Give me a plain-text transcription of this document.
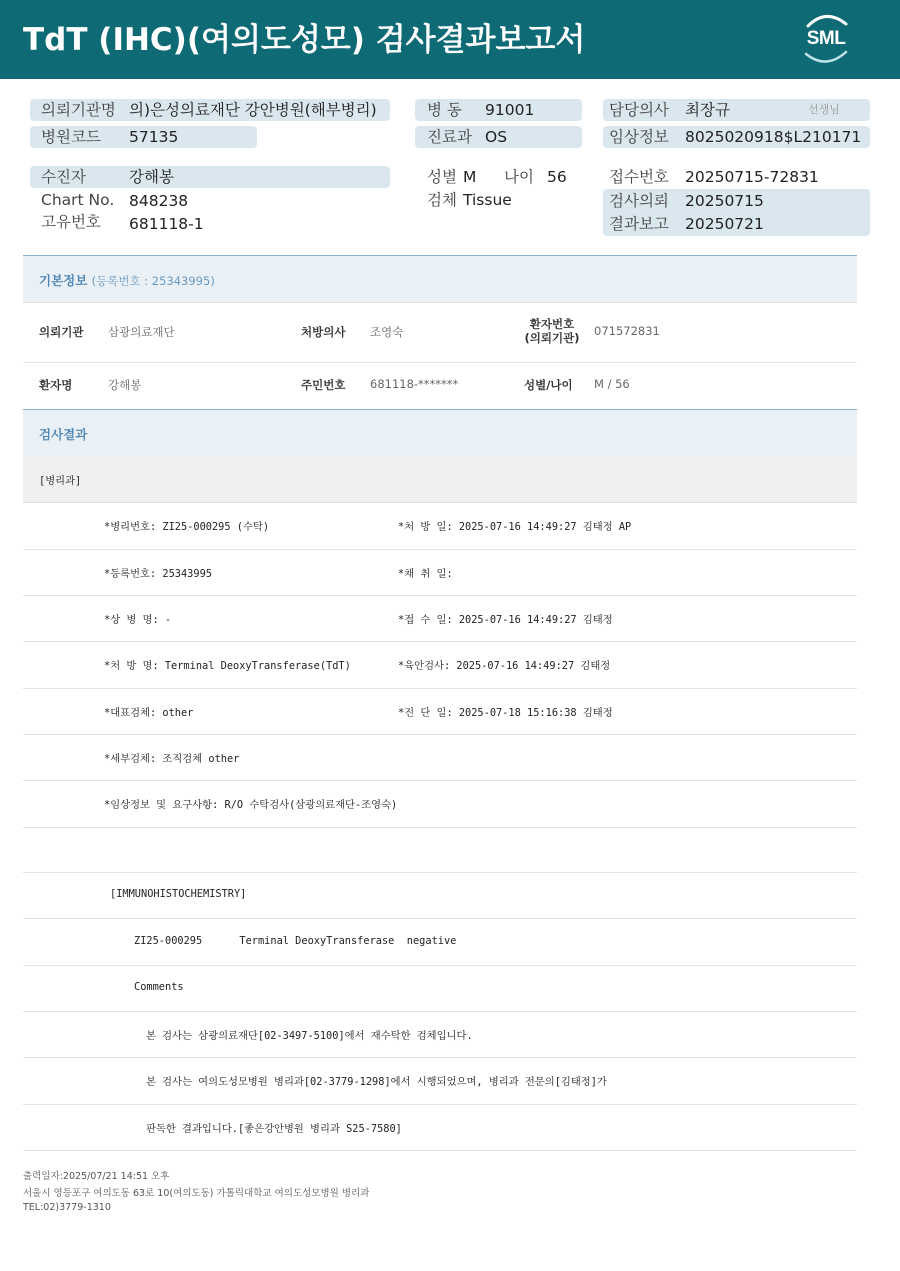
TdT (IHC)(여의도성모) 검사결과보고서	SML
의뢰기관명 의)은성의료재단 강안병원(해부병리)
병원코드 57135
병 동 91001
진료과 OS
담당의사 최장규	선생님
임상정보 8025020918$L210171
수진자	강해봉
Chart No. 848238
고유번호 681118-1
성별 M 나이 56
검체 Tissue
접수번호 20250715-72831
검사의뢰 20250715
결과보고 20250721
기본정보 (등록번호 : 25343995)
의뢰기관 삼광의료재단	처방의사 조영숙
환자번호
(의뢰기관) 071572831
환자명	강해봉	주민번호 681118-*******	성별/나이 M / 56
검사결과
[병리과]
*병리번호: ZI25-000295 (수탁)	*처 방 일: 2025-07-16 14:49:27 김태정 AP
*등록번호: 25343995	*채 취 일:
*상 병 명: -	*접 수 일: 2025-07-16 14:49:27 김태정
*처 방 명: Terminal DeoxyTransferase(TdT)	*육안검사: 2025-07-16 14:49:27 김태정
*대표검체: other	*진 단 일: 2025-07-18 15:16:38 김태정
*세부검체: 조직검체 other
*임상정보 및 요구사항: R/O 수탁검사(삼광의료재단-조영숙)
[IMMUNOHISTOCHEMISTRY]
ZI25-000295      Terminal DeoxyTransferase  negative
Comments
본 검사는 삼광의료재단[02-3497-5100]에서 재수탁한 검체입니다.
본 검사는 여의도성모병원 병리과[02-3779-1298]에서 시행되었으며, 병리과 전문의[김태정]가
판독한 결과입니다.[좋은강안병원 병리과 S25-7580]
출력일자:2025/07/21 14:51 오후
서울시 영등포구 여의도동 63로 10(여의도동) 가톨릭대학교 여의도성모병원 병리과
TEL:02)3779-1310
